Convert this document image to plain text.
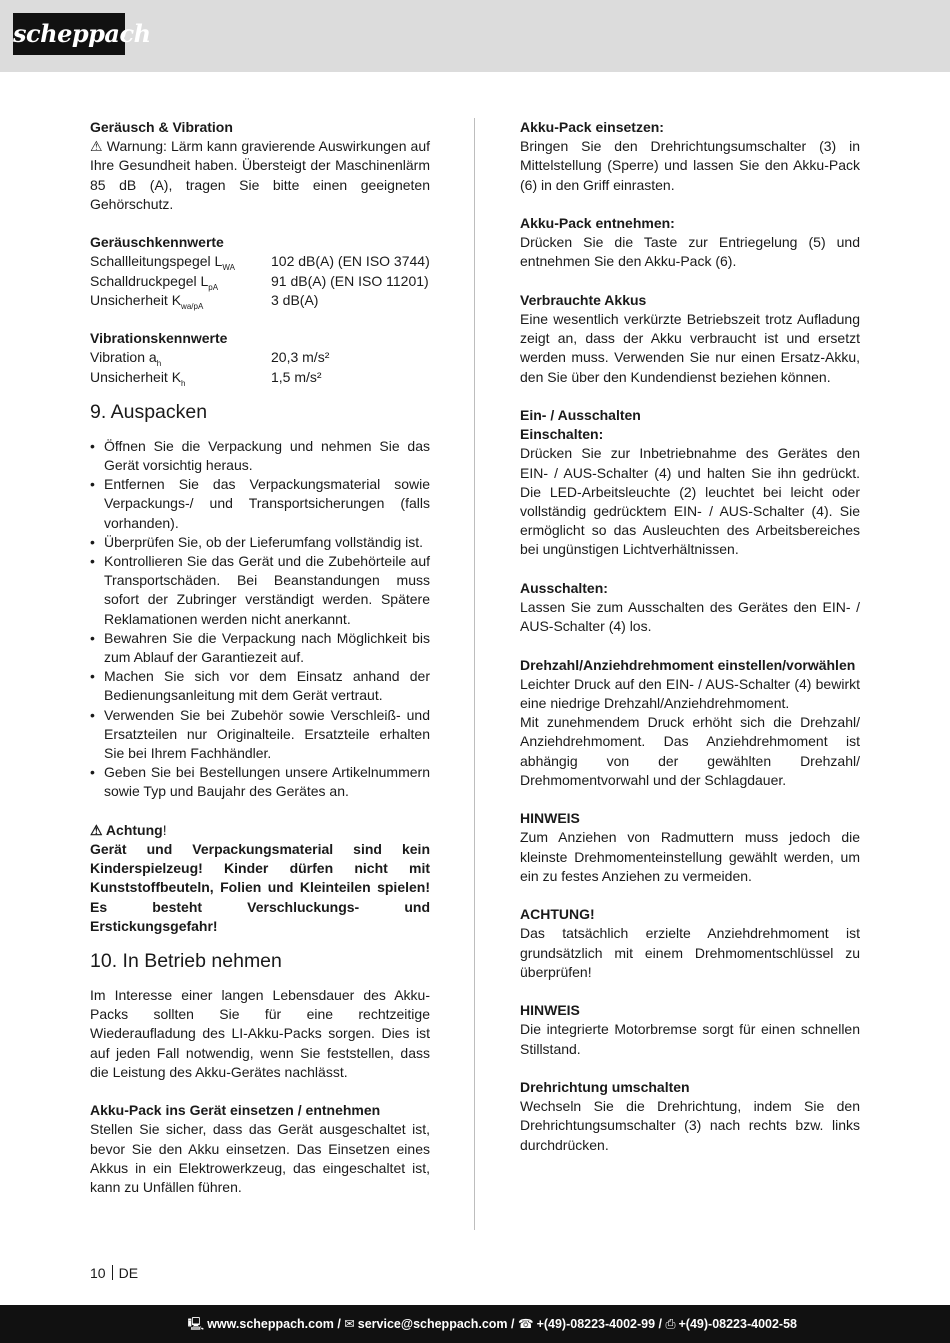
scheppach

Geräusch & Vibration

⚠ Warnung: Lärm kann gravierende Auswirkungen auf Ihre Gesundheit haben. Übersteigt der Maschinenlärm 85 dB (A), tragen Sie bitte einen geeigneten Gehörschutz.

Geräuschkennwerte

Schallleitungspegel $L_{WA}$	102 dB(A) (EN ISO 3744)
Schalldruckpegel $L_{pA}$	91 dB(A) (EN ISO 11201)
Unsicherheit $K_{wa/pA}$	3 dB(A)

Vibrationskennwerte

Vibration $a_h$	20,3 m/s²
Unsicherheit $K_h$	1,5 m/s²
9. Auspacken
• Öffnen Sie die Verpackung und nehmen Sie das Gerät vorsichtig heraus.
• Entfernen Sie das Verpackungsmaterial sowie Verpackungs-/ und Transportsicherungen (falls vorhanden).
• Überprüfen Sie, ob der Lieferumfang vollständig ist.
• Kontrollieren Sie das Gerät und die Zubehörteile auf Transportschäden. Bei Beanstandungen muss sofort der Zubringer verständigt werden. Spätere Reklamationen werden nicht anerkannt.
• Bewahren Sie die Verpackung nach Möglichkeit bis zum Ablauf der Garantiezeit auf.
• Machen Sie sich vor dem Einsatz anhand der Bedienungsanleitung mit dem Gerät vertraut.
• Verwenden Sie bei Zubehör sowie Verschleiß- und Ersatzteilen nur Originalteile. Ersatzteile erhalten Sie bei Ihrem Fachhändler.
• Geben Sie bei Bestellungen unsere Artikelnummern sowie Typ und Baujahr des Gerätes an.

⚠ Achtung!

Gerät und Verpackungsmaterial sind kein Kinderspielzeug! Kinder dürfen nicht mit Kunststoffbeuteln, Folien und Kleinteilen spielen! Es besteht Verschluckungs- und Erstickungsgefahr!

10. In Betrieb nehmen

Im Interesse einer langen Lebensdauer des Akku-Packs sollten Sie für eine rechtzeitige Wiederaufladung des LI-Akku-Packs sorgen. Dies ist auf jeden Fall notwendig, wenn Sie feststellen, dass die Leistung des Akku-Gerätes nachlässt.

Akku-Pack ins Gerät einsetzen / entnehmen

Stellen Sie sicher, dass das Gerät ausgeschaltet ist, bevor Sie den Akku einsetzen. Das Einsetzen eines Akkus in ein Elektrowerkzeug, das eingeschaltet ist, kann zu Unfällen führen.

Akku-Pack einsetzen:

Bringen Sie den Drehrichtungsumschalter (3) in Mittelstellung (Sperre) und lassen Sie den Akku-Pack (6) in den Griff einrasten.

Akku-Pack entnehmen:

Drücken Sie die Taste zur Entriegelung (5) und entnehmen Sie den Akku-Pack (6).

Verbrauchte Akkus

Eine wesentlich verkürzte Betriebszeit trotz Aufladung zeigt an, dass der Akku verbraucht ist und ersetzt werden muss. Verwenden Sie nur einen Ersatz-Akku, den Sie über den Kundendienst beziehen können.

Ein- / Ausschalten

Einschalten:

Drücken Sie zur Inbetriebnahme des Gerätes den EIN- / AUS-Schalter (4) und halten Sie ihn gedrückt. Die LED-Arbeitsleuchte (2) leuchtet bei leicht oder vollständig gedrücktem EIN- / AUS-Schalter (4). Sie ermöglicht so das Ausleuchten des Arbeitsbereiches bei ungünstigen Lichtverhältnissen.

Ausschalten:

Lassen Sie zum Ausschalten des Gerätes den EIN- / AUS-Schalter (4) los.

Drehzahl/Anziehdrehmoment einstellen/vorwählen

Leichter Druck auf den EIN- / AUS-Schalter (4) bewirkt eine niedrige Drehzahl/Anziehdrehmoment.

Mit zunehmendem Druck erhöht sich die Drehzahl/ Anziehdrehmoment. Das Anziehdrehmoment ist abhängig von der gewählten Drehzahl/ Drehmomentvorwahl und der Schlagdauer.

HINWEIS

Zum Anziehen von Radmuttern muss jedoch die kleinste Drehmomenteinstellung gewählt werden, um ein zu festes Anziehen zu vermeiden.

ACHTUNG!

Das tatsächlich erzielte Anziehdrehmoment ist grundsätzlich mit einem Drehmomentschlüssel zu überprüfen!

HINWEIS

Die integrierte Motorbremse sorgt für einen schnellen Stillstand.

Drehrichtung umschalten

Wechseln Sie die Drehrichtung, indem Sie den Drehrichtungsumschalter (3) nach rechts bzw. links durchdrücken.

10 DE
🖳 www.scheppach.com / ✉ service@scheppach.com / ☎ +(49)-08223-4002-99 / ⎙ +(49)-08223-4002-58
